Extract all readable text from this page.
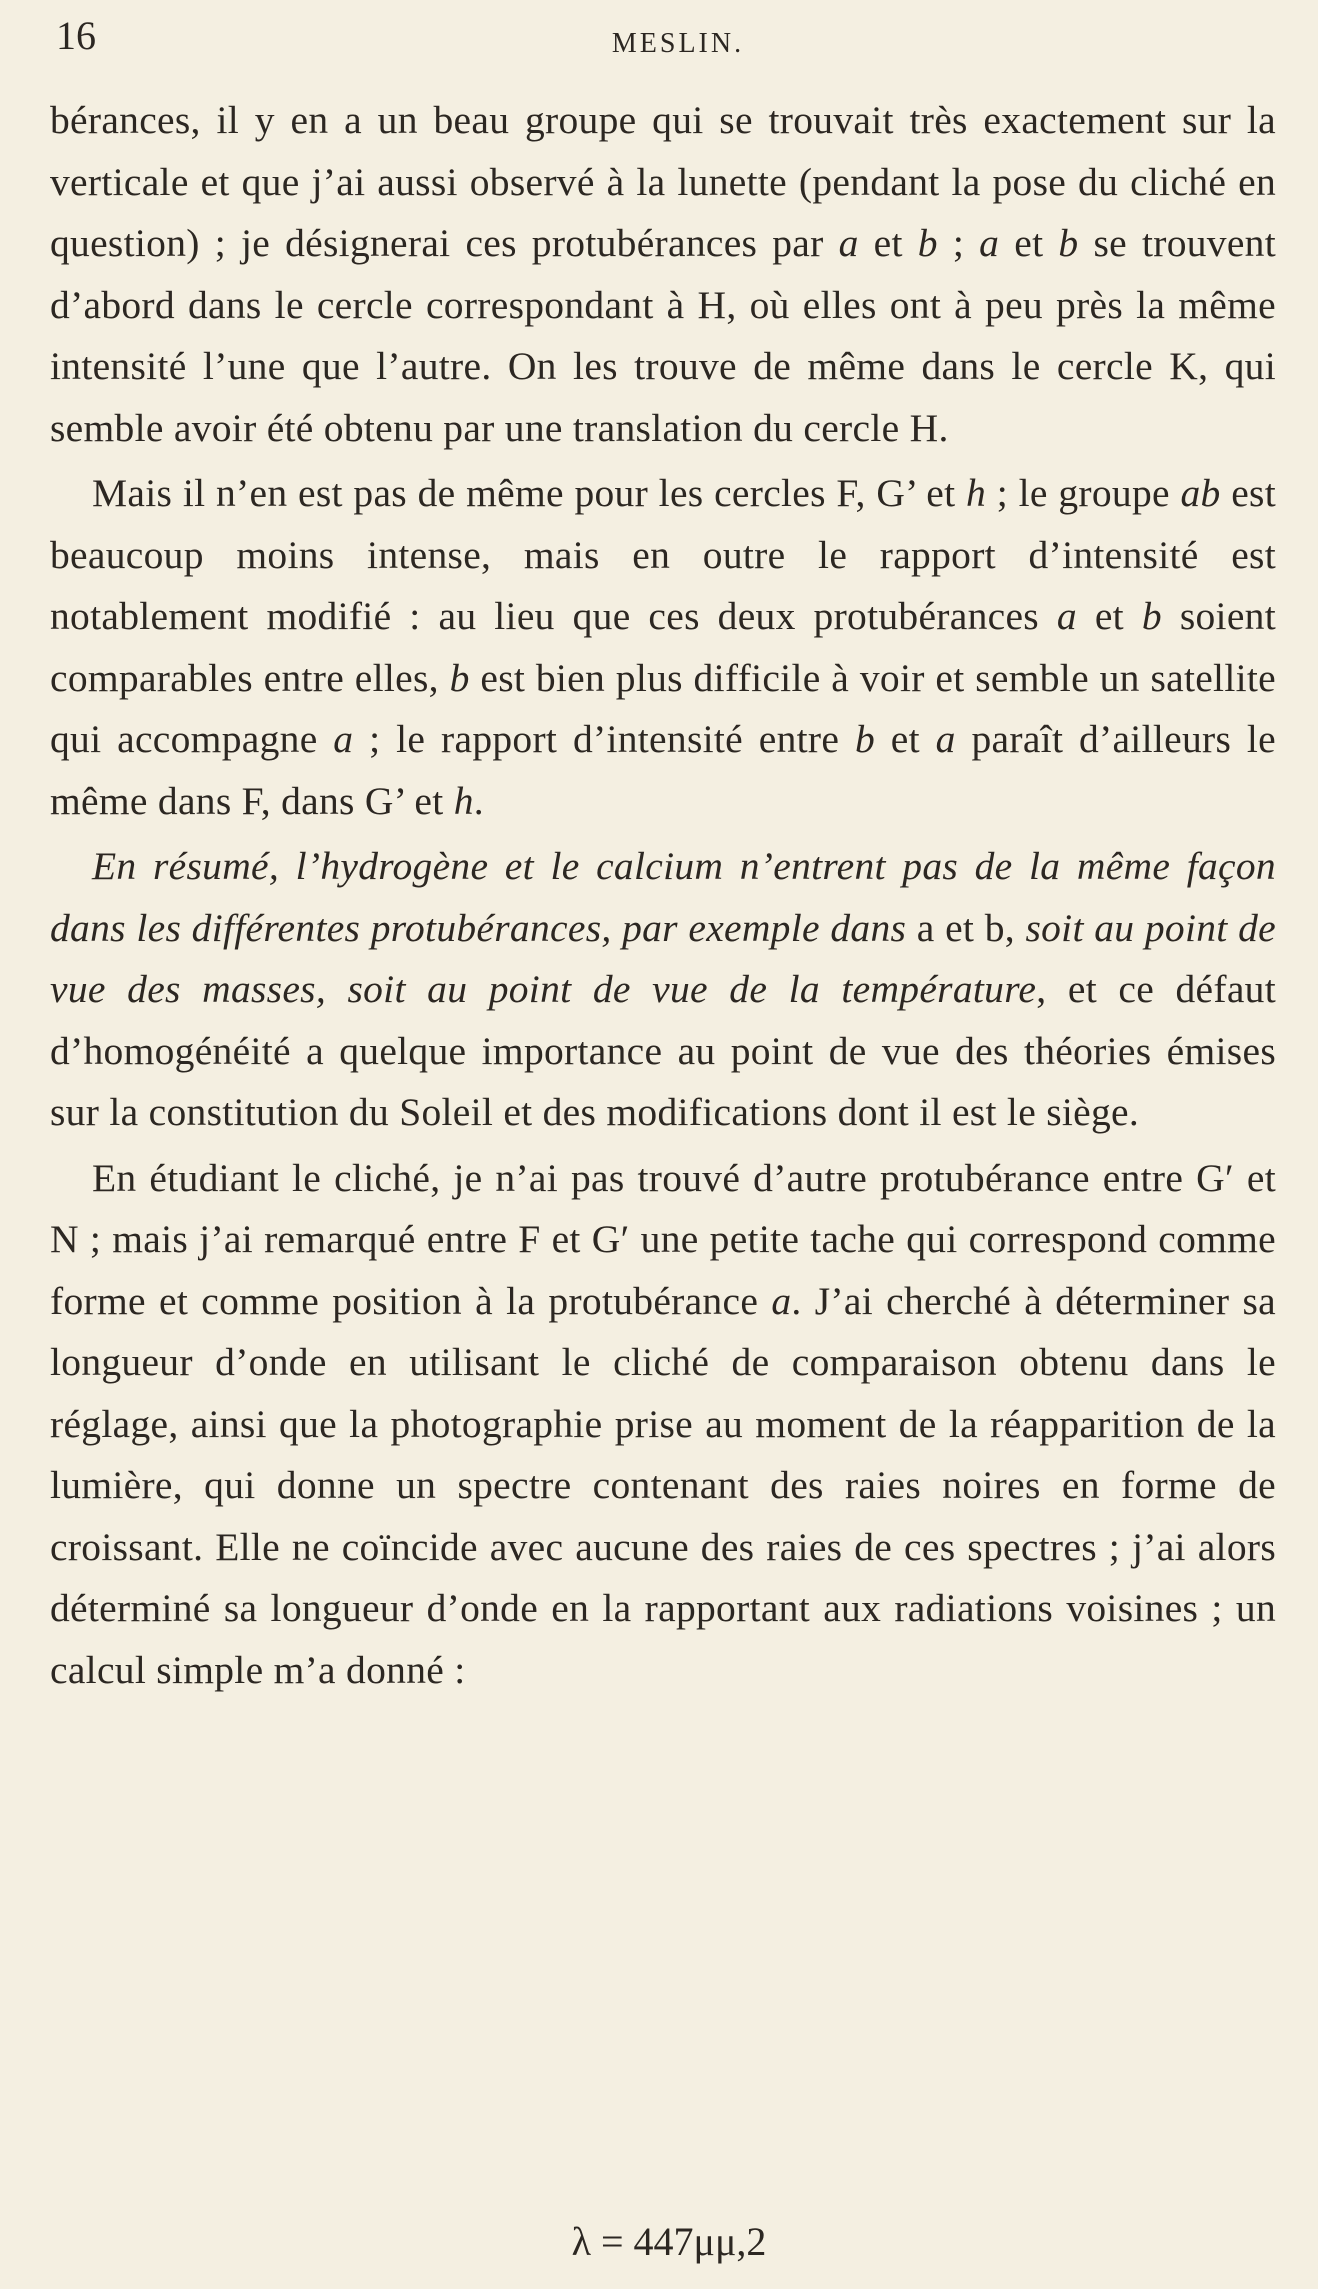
16	MESLIN.

bérances, il y en a un beau groupe qui se trouvait très exactement sur la verticale et que j’ai aussi observé à la lunette (pendant la pose du cliché en question) ; je désignerai ces protubérances par a et b ; a et b se trouvent d’abord dans le cercle correspondant à H, où elles ont à peu près la même intensité l’une que l’autre. On les trouve de même dans le cercle K, qui semble avoir été obtenu par une translation du cercle H.

Mais il n’en est pas de même pour les cercles F, G’ et h ; le groupe ab est beaucoup moins intense, mais en outre le rapport d’intensité est notablement modifié : au lieu que ces deux protubérances a et b soient comparables entre elles, b est bien plus difficile à voir et semble un satellite qui accompagne a ; le rapport d’intensité entre b et a paraît d’ailleurs le même dans F, dans G’ et h.

En résumé, l’hydrogène et le calcium n’entrent pas de la même façon dans les différentes protubérances, par exemple dans a et b, soit au point de vue des masses, soit au point de vue de la température, et ce défaut d’homogénéité a quelque importance au point de vue des théories émises sur la constitution du Soleil et des modifications dont il est le siège.

En étudiant le cliché, je n’ai pas trouvé d’autre protubérance entre G′ et N ; mais j’ai remarqué entre F et G′ une petite tache qui correspond comme forme et comme position à la protubérance a. J’ai cherché à déterminer sa longueur d’onde en utilisant le cliché de comparaison obtenu dans le réglage, ainsi que la photographie prise au moment de la réapparition de la lumière, qui donne un spectre contenant des raies noires en forme de croissant. Elle ne coïncide avec aucune des raies de ces spectres ; j’ai alors déterminé sa longueur d’onde en la rapportant aux radiations voisines ; un calcul simple m’a donné :

λ = 447μμ,2
